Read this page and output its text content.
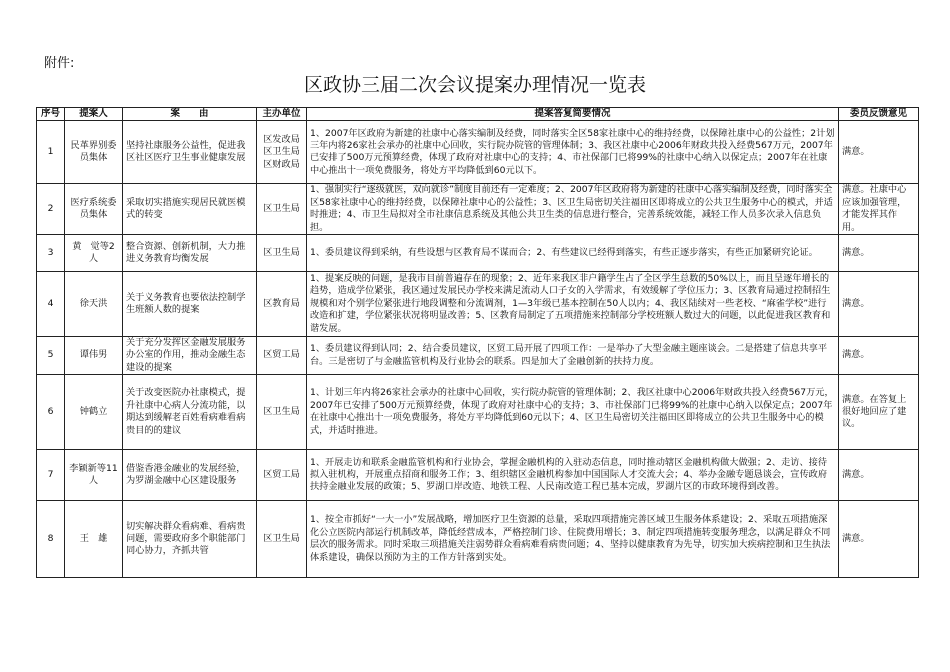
附件:
区政协三届二次会议提案办理情况一览表
序号	提案人	案　　由	主办单位	提案答复简要情况	委员反馈意见
1	民革界别委员集体	坚持社康服务公益性，促进我区社区医疗卫生事业健康发展	区发改局区卫生局区财政局	1、2007年区政府为新建的社康中心落实编制及经费，同时落实全区58家社康中心的维持经费，以保障社康中心的公益性；2计划三年内将26家社会承办的社康中心回收，实行院办院管的管理体制；3、我区社康中心2006年财政共投入经费567万元，2007年已安排了500万元预算经费，体现了政府对社康中心的支持；4、市社保部门已将99%的社康中心纳入以保定点；2007年在社康中心推出十一项免费服务，将处方平均降低到60元以下。	满意。
2	医疗系统委员集体	采取切实措施实现居民就医模式的转变	区卫生局	1、强制实行“逐级就医，双向就诊”制度目前还有一定难度；2、2007年区政府将为新建的社康中心落实编制及经费，同时落实全区58家社康中心的维持经费，以保障社康中心的公益性；3、区卫生局密切关注福田区即将成立的公共卫生服务中心的模式，并适时推进；4、市卫生局拟对全市社康信息系统及其他公共卫生类的信息进行整合，完善系统效能，减轻工作人员多次录入信息负担。	满意。社康中心应该加强管理，才能发挥其作用。
3	黄　觉等2人	整合资源、创新机制，大力推进义务教育均衡发展	区卫生局	1、委员建议得到采纳，有些设想与区教育局不谋而合；2、有些建议已经得到落实，有些正逐步落实，有些正加紧研究论证。	满意。
4	徐天洪	关于义务教育也要依法控制学生班额人数的提案	区教育局	1、提案反映的问题，是我市目前普遍存在的现象；2、近年来我区非户籍学生占了全区学生总数的50%以上，而且呈逐年增长的趋势，造成学位紧张，我区通过发展民办学校来满足流动人口子女的入学需求，有效缓解了学位压力；3、区教育局通过控制招生规模和对个别学位紧张进行地段调整和分流调剂，1—3年级已基本控制在50人以内；4、我区陆续对一些老校、“麻雀学校”进行改造和扩建，学位紧张状况将明显改善；5、区教育局制定了五项措施来控制部分学校班额人数过大的问题，以此促进我区教育和谐发展。	满意。
5	谭伟男	关于充分发挥区金融发展服务办公室的作用，推动金融生态建设的提案	区贸工局	1、委员建议得到认同；2、结合委员建议，区贸工局开展了四项工作：一是举办了大型金融主题座谈会。二是搭建了信息共享平台。三是密切了与金融监管机构及行业协会的联系。四是加大了金融创新的扶持力度。	满意。
6	钟鹤立	关于改变医院办社康模式，提升社康中心病人分流功能，以期达到缓解老百姓看病难看病贵目的的建议	区卫生局	1、计划三年内将26家社会承办的社康中心回收，实行院办院管的管理体制；2、我区社康中心2006年财政共投入经费567万元，2007年已安排了500万元预算经费，体现了政府对社康中心的支持；3、市社保部门已将99%的社康中心纳入以保定点；2007年在社康中心推出十一项免费服务，将处方平均降低到60元以下；4、区卫生局密切关注福田区即将成立的公共卫生服务中心的模式，并适时推进。	满意。在答复上很好地回应了建议。
7	李颖新等11人	借鉴香港金融业的发展经验，为罗湖金融中心区建设服务	区贸工局	1、开展走访和联系金融监管机构和行业协会，掌握金融机构的入驻动态信息，同时推动辖区金融机构做大做强；2、走访、接待拟入驻机构，开展重点招商和服务工作；3、组织辖区金融机构参加中国国际人才交流大会；4、举办金融专题恳谈会，宣传政府扶持金融业发展的政策；5、罗湖口岸改造、地铁工程、人民南改造工程已基本完成，罗湖片区的市政环境得到改善。	满意。
8	王　雄	切实解决群众看病难、看病贵问题，需要政府多个职能部门同心协力，齐抓共管	区卫生局	1、按全市抓好“一大一小”发展战略，增加医疗卫生资源的总量，采取四项措施完善区域卫生服务体系建设；2、采取五项措施深化公立医院内部运行机制改革，降低经营成本，严格控制门诊、住院费用增长；3、制定四项措施转变服务理念，以满足群众不同层次的服务需求。同时采取三项措施关注弱势群众看病难看病贵问题；4、坚持以健康教育为先导，切实加大疾病控制和卫生执法体系建设，确保以预防为主的工作方针落到实处。	满意。
